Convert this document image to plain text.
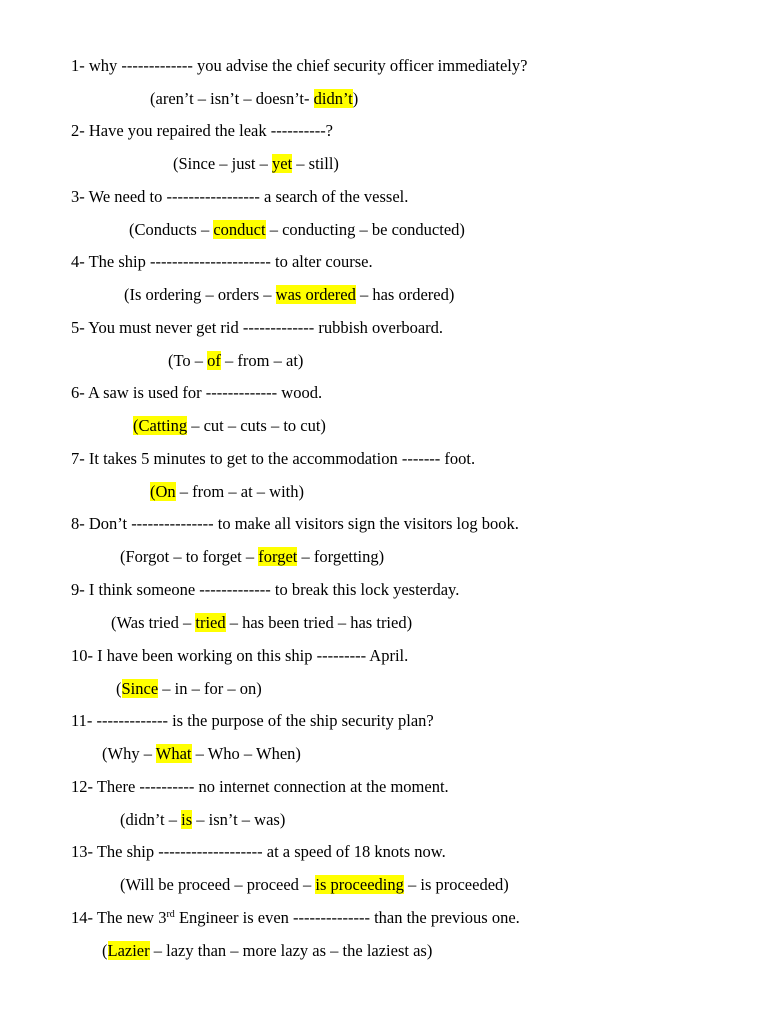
1- why ------------- you advise the chief security officer immediately?
(aren’t – isn’t – doesn’t- didn’t)
2- Have you repaired the leak ----------?
(Since – just – yet – still)
3- We need to ----------------- a search of the vessel.
(Conducts – conduct – conducting – be conducted)
4- The ship ---------------------- to alter course.
(Is ordering – orders – was ordered – has ordered)
5- You must never get rid ------------- rubbish overboard.
(To – of – from – at)
6- A saw is used for ------------- wood.
(Catting – cut – cuts – to cut)
7- It takes 5 minutes to get to the accommodation ------- foot.
(On – from – at – with)
8- Don’t --------------- to make all visitors sign the visitors log book.
(Forgot – to forget – forget – forgetting)
9- I think someone ------------- to break this lock yesterday.
(Was tried – tried – has been tried – has tried)
10- I have been working on this ship --------- April.
(Since – in – for – on)
11- ------------- is the purpose of the ship security plan?
(Why – What – Who – When)
12- There ---------- no internet connection at the moment.
(didn’t – is – isn’t – was)
13- The ship ------------------- at a speed of 18 knots now.
(Will be proceed – proceed – is proceeding – is proceeded)
14- The new 3rd Engineer is even -------------- than the previous one.
(Lazier – lazy than – more lazy as – the laziest as)
